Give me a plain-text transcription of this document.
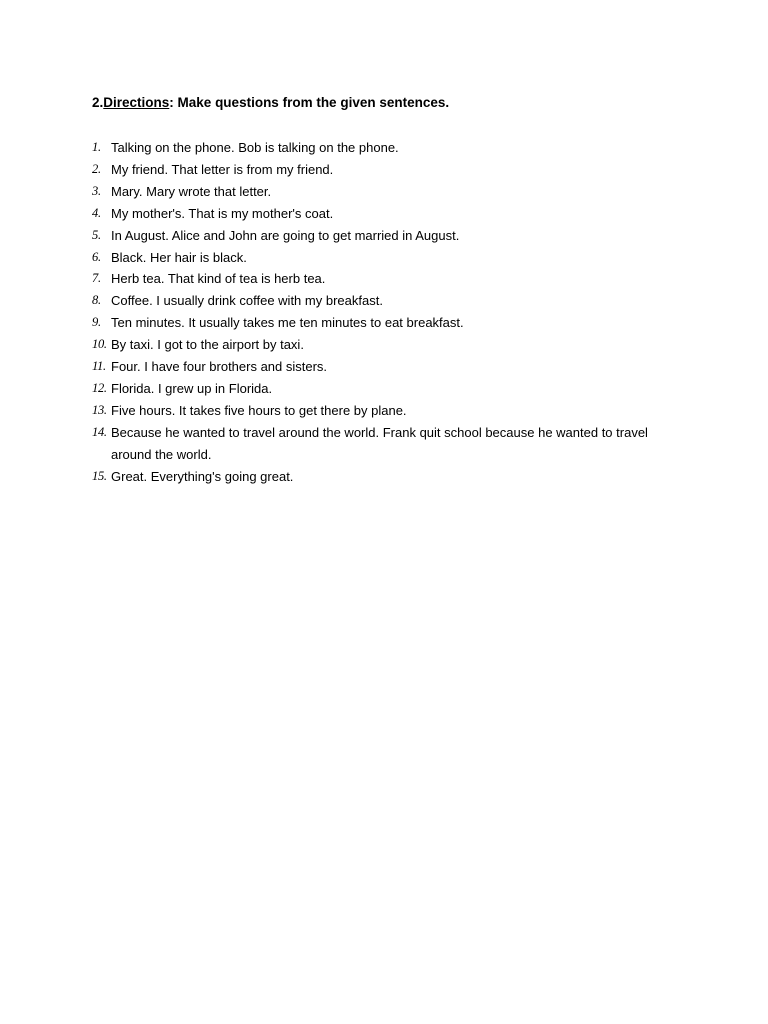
2.Directions: Make questions from the given sentences.

1. Talking on the phone. Bob is talking on the phone.
2. My friend. That letter is from my friend.
3. Mary. Mary wrote that letter.
4. My mother's. That is my mother's coat.
5. In August. Alice and John are going to get married in August.
6. Black. Her hair is black.
7. Herb tea. That kind of tea is herb tea.
8. Coffee. I usually drink coffee with my breakfast.
9. Ten minutes. It usually takes me ten minutes to eat breakfast.
10. By taxi. I got to the airport by taxi.
11. Four. I have four brothers and sisters.
12. Florida. I grew up in Florida.
13. Five hours. It takes five hours to get there by plane.
14. Because he wanted to travel around the world. Frank quit school because he wanted to travel around the world.
15. Great. Everything's going great.
